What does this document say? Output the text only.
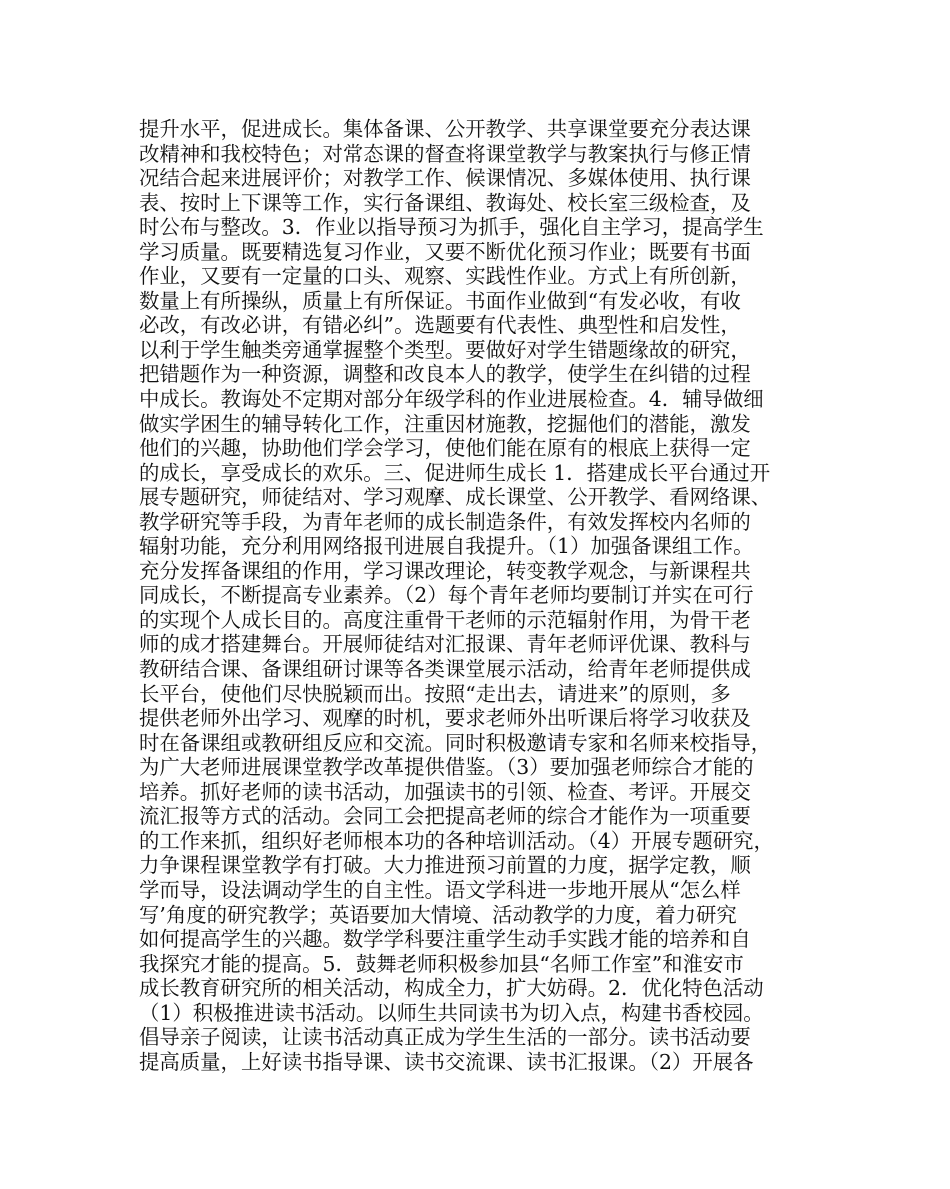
提升水平，促进成长。集体备课、公开教学、共享课堂要充分表达课
改精神和我校特色；对常态课的督查将课堂教学与教案执行与修正情
况结合起来进展评价；对教学工作、候课情况、多媒体使用、执行课
表、按时上下课等工作，实行备课组、教诲处、校长室三级检查，及
时公布与整改。3．作业以指导预习为抓手，强化自主学习，提高学生
学习质量。既要精选复习作业，又要不断优化预习作业；既要有书面
作业，又要有一定量的口头、观察、实践性作业。方式上有所创新，
数量上有所操纵，质量上有所保证。书面作业做到“有发必收，有收
必改，有改必讲，有错必纠”。选题要有代表性、典型性和启发性，
以利于学生触类旁通掌握整个类型。要做好对学生错题缘故的研究，
把错题作为一种资源，调整和改良本人的教学，使学生在纠错的过程
中成长。教诲处不定期对部分年级学科的作业进展检查。4．辅导做细
做实学困生的辅导转化工作，注重因材施教，挖掘他们的潜能，激发
他们的兴趣，协助他们学会学习，使他们能在原有的根底上获得一定
的成长，享受成长的欢乐。三、促进师生成长 1．搭建成长平台通过开
展专题研究，师徒结对、学习观摩、成长课堂、公开教学、看网络课、
教学研究等手段，为青年老师的成长制造条件，有效发挥校内名师的
辐射功能，充分利用网络报刊进展自我提升。（1）加强备课组工作。
充分发挥备课组的作用，学习课改理论，转变教学观念，与新课程共
同成长，不断提高专业素养。（2）每个青年老师均要制订并实在可行
的实现个人成长目的。高度注重骨干老师的示范辐射作用，为骨干老
师的成才搭建舞台。开展师徒结对汇报课、青年老师评优课、教科与
教研结合课、备课组研讨课等各类课堂展示活动，给青年老师提供成
长平台，使他们尽快脱颖而出。按照“走出去，请进来”的原则，多
提供老师外出学习、观摩的时机，要求老师外出听课后将学习收获及
时在备课组或教研组反应和交流。同时积极邀请专家和名师来校指导，
为广大老师进展课堂教学改革提供借鉴。（3）要加强老师综合才能的
培养。抓好老师的读书活动，加强读书的引领、检查、考评。开展交
流汇报等方式的活动。会同工会把提高老师的综合才能作为一项重要
的工作来抓，组织好老师根本功的各种培训活动。（4）开展专题研究，
力争课程课堂教学有打破。大力推进预习前置的力度，据学定教，顺
学而导，设法调动学生的自主性。语文学科进一步地开展从“怎么样
写’角度的研究教学；英语要加大情境、活动教学的力度，着力研究
如何提高学生的兴趣。数学学科要注重学生动手实践才能的培养和自
我探究才能的提高。5．鼓舞老师积极参加县“名师工作室”和淮安市
成长教育研究所的相关活动，构成全力，扩大妨碍。2．优化特色活动
（1）积极推进读书活动。以师生共同读书为切入点，构建书香校园。
倡导亲子阅读，让读书活动真正成为学生生活的一部分。读书活动要
提高质量，上好读书指导课、读书交流课、读书汇报课。（2）开展各
